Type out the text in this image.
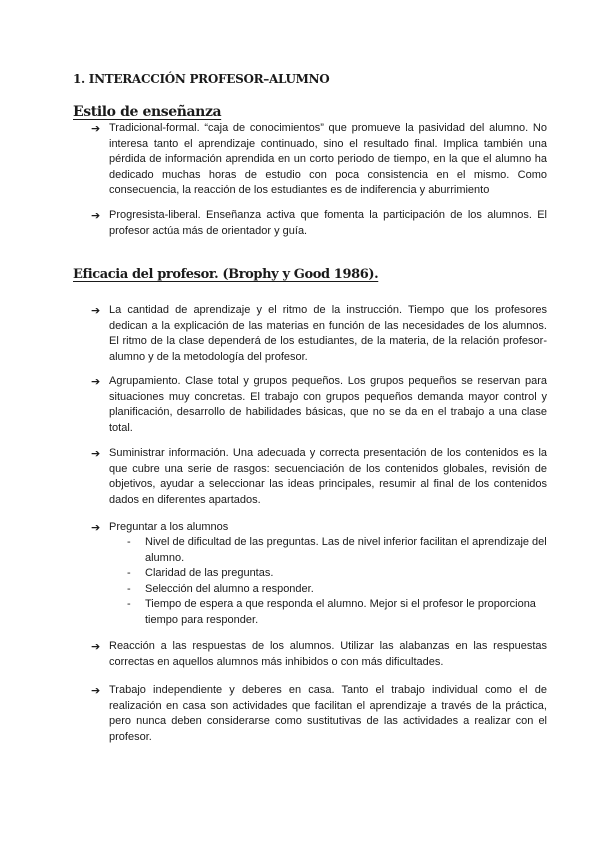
1. INTERACCIÓN PROFESOR–ALUMNO
Estilo de enseñanza
➔ Tradicional-formal. “caja de conocimientos” que promueve la pasividad del alumno. No interesa tanto el aprendizaje continuado, sino el resultado final. Implica también una pérdida de información aprendida en un corto periodo de tiempo, en la que el alumno ha dedicado muchas horas de estudio con poca consistencia en el mismo. Como consecuencia, la reacción de los estudiantes es de indiferencia y aburrimiento
➔ Progresista-liberal. Enseñanza activa que fomenta la participación de los alumnos. El profesor actúa más de orientador y guía.
Eficacia del profesor. (Brophy y Good 1986).
➔ La cantidad de aprendizaje y el ritmo de la instrucción. Tiempo que los profesores dedican a la explicación de las materias en función de las necesidades de los alumnos. El ritmo de la clase dependerá de los estudiantes, de la materia, de la relación profesor-alumno y de la metodología del profesor.
➔ Agrupamiento. Clase total y grupos pequeños. Los grupos pequeños se reservan para situaciones muy concretas. El trabajo con grupos pequeños demanda mayor control y planificación, desarrollo de habilidades básicas, que no se da en el trabajo a una clase total.
➔ Suministrar información. Una adecuada y correcta presentación de los contenidos es la que cubre una serie de rasgos: secuenciación de los contenidos globales, revisión de objetivos, ayudar a seleccionar las ideas principales, resumir al final de los contenidos dados en diferentes apartados.
➔ Preguntar a los alumnos
- Nivel de dificultad de las preguntas. Las de nivel inferior facilitan el aprendizaje del alumno.
- Claridad de las preguntas.
- Selección del alumno a responder.
- Tiempo de espera a que responda el alumno. Mejor si el profesor le proporciona tiempo para responder.
➔ Reacción a las respuestas de los alumnos. Utilizar las alabanzas en las respuestas correctas en aquellos alumnos más inhibidos o con más dificultades.
➔ Trabajo independiente y deberes en casa. Tanto el trabajo individual como el de realización en casa son actividades que facilitan el aprendizaje a través de la práctica, pero nunca deben considerarse como sustitutivas de las actividades a realizar con el profesor.
